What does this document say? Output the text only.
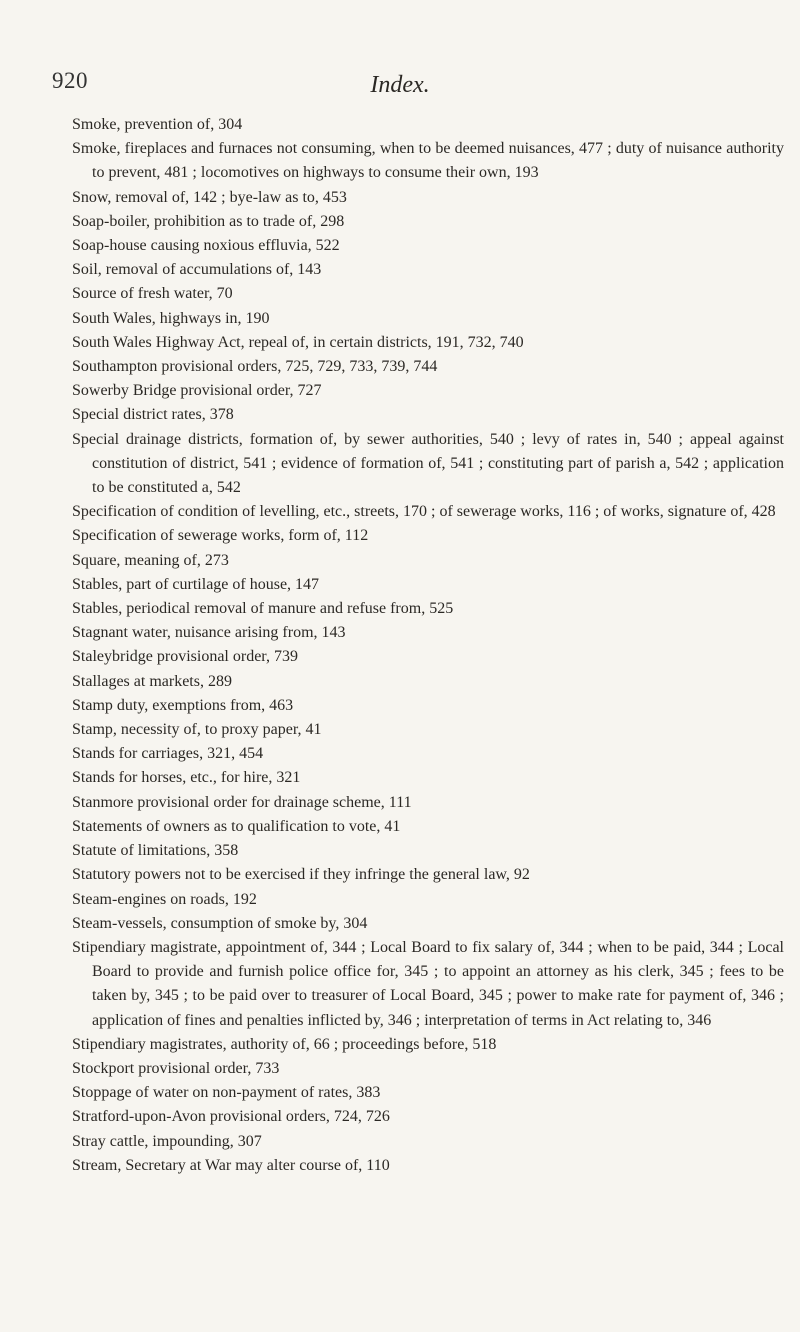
920	Index.
Smoke, prevention of, 304
Smoke, fireplaces and furnaces not consuming, when to be deemed nuisances, 477 ; duty of nuisance authority to prevent, 481 ; locomotives on highways to consume their own, 193
Snow, removal of, 142 ; bye-law as to, 453
Soap-boiler, prohibition as to trade of, 298
Soap-house causing noxious effluvia, 522
Soil, removal of accumulations of, 143
Source of fresh water, 70
South Wales, highways in, 190
South Wales Highway Act, repeal of, in certain districts, 191, 732, 740
Southampton provisional orders, 725, 729, 733, 739, 744
Sowerby Bridge provisional order, 727
Special district rates, 378
Special drainage districts, formation of, by sewer authorities, 540 ; levy of rates in, 540 ; appeal against constitution of district, 541 ; evidence of formation of, 541 ; constituting part of parish a, 542 ; application to be constituted a, 542
Specification of condition of levelling, etc., streets, 170 ; of sewerage works, 116 ; of works, signature of, 428
Specification of sewerage works, form of, 112
Square, meaning of, 273
Stables, part of curtilage of house, 147
Stables, periodical removal of manure and refuse from, 525
Stagnant water, nuisance arising from, 143
Staleybridge provisional order, 739
Stallages at markets, 289
Stamp duty, exemptions from, 463
Stamp, necessity of, to proxy paper, 41
Stands for carriages, 321, 454
Stands for horses, etc., for hire, 321
Stanmore provisional order for drainage scheme, 111
Statements of owners as to qualification to vote, 41
Statute of limitations, 358
Statutory powers not to be exercised if they infringe the general law, 92
Steam-engines on roads, 192
Steam-vessels, consumption of smoke by, 304
Stipendiary magistrate, appointment of, 344 ; Local Board to fix salary of, 344 ; when to be paid, 344 ; Local Board to provide and furnish police office for, 345 ; to appoint an attorney as his clerk, 345 ; fees to be taken by, 345 ; to be paid over to treasurer of Local Board, 345 ; power to make rate for payment of, 346 ; application of fines and penalties inflicted by, 346 ; interpretation of terms in Act relating to, 346
Stipendiary magistrates, authority of, 66 ; proceedings before, 518
Stockport provisional order, 733
Stoppage of water on non-payment of rates, 383
Stratford-upon-Avon provisional orders, 724, 726
Stray cattle, impounding, 307
Stream, Secretary at War may alter course of, 110
